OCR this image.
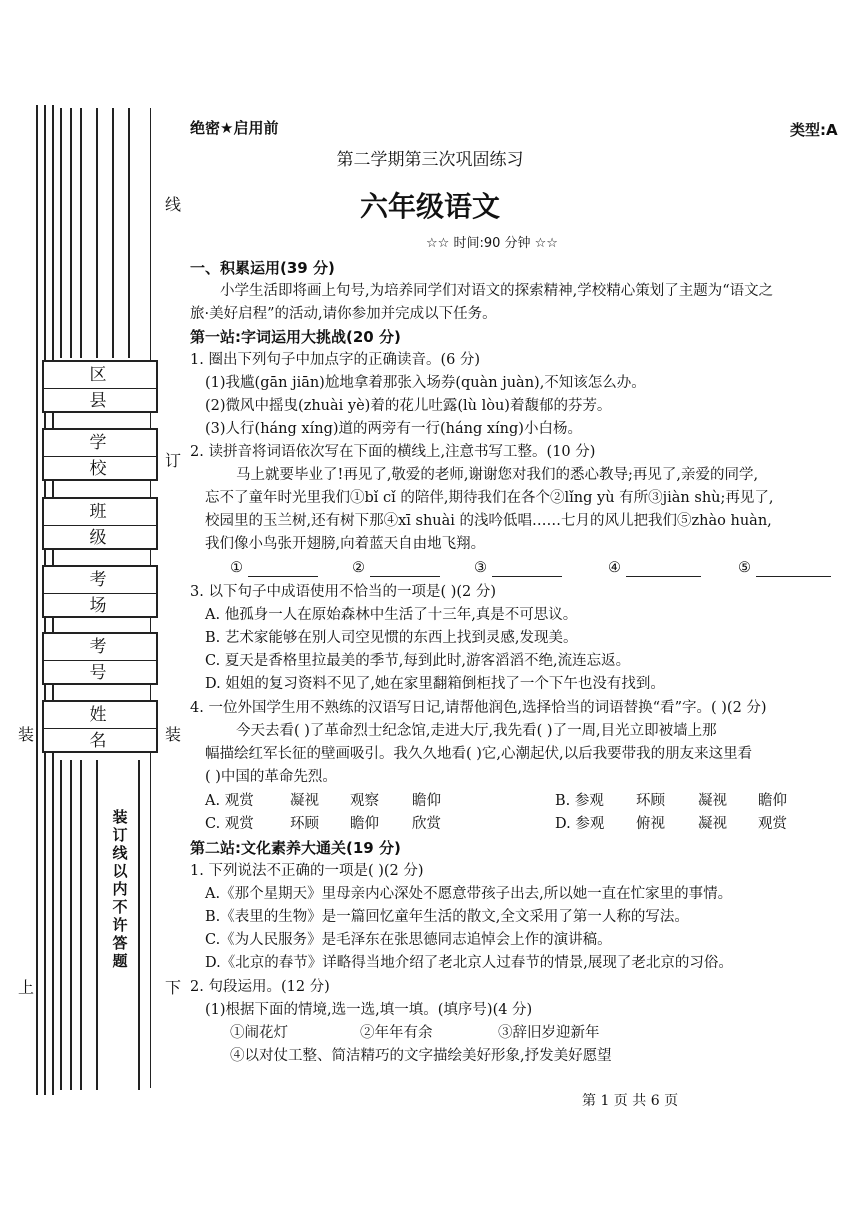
区县
学校
班级
考场
考号
姓名
线
订
装	装
下
上
装订线以内不许答题
绝密★启用前	类型:A
第二学期第三次巩固练习
六年级语文
☆☆ 时间:90 分钟 ☆☆
一、积累运用(39 分)
小学生活即将画上句号,为培养同学们对语文的探索精神,学校精心策划了主题为“语文之
旅·美好启程”的活动,请你参加并完成以下任务。
第一站:字词运用大挑战(20 分)
1. 圈出下列句子中加点字的正确读音。(6 分)
(1)我尴(gān jiān)尬地拿着那张入场券(quàn juàn),不知该怎么办。
(2)微风中摇曳(zhuài yè)着的花儿吐露(lù lòu)着馥郁的芬芳。
(3)人行(háng xíng)道的两旁有一行(háng xíng)小白杨。
2. 读拼音将词语依次写在下面的横线上,注意书写工整。(10 分)
马上就要毕业了!再见了,敬爱的老师,谢谢您对我们的悉心教导;再见了,亲爱的同学,
忘不了童年时光里我们①bǐ cǐ 的陪伴,期待我们在各个②lǐng yù 有所③jiàn shù;再见了,
校园里的玉兰树,还有树下那④xī shuài 的浅吟低唱……七月的风儿把我们⑤zhào huàn,
我们像小鸟张开翅膀,向着蓝天自由地飞翔。
①	②	③	④	⑤
3. 以下句子中成语使用不恰当的一项是( )(2 分)
A. 他孤身一人在原始森林中生活了十三年,真是不可思议。
B. 艺术家能够在别人司空见惯的东西上找到灵感,发现美。
C. 夏天是香格里拉最美的季节,每到此时,游客滔滔不绝,流连忘返。
D. 姐姐的复习资料不见了,她在家里翻箱倒柜找了一个下午也没有找到。
4. 一位外国学生用不熟练的汉语写日记,请帮他润色,选择恰当的词语替换“看”字。( )(2 分)
今天去看( )了革命烈士纪念馆,走进大厅,我先看( )了一周,目光立即被墙上那
幅描绘红军长征的壁画吸引。我久久地看( )它,心潮起伏,以后我要带我的朋友来这里看
( )中国的革命先烈。
A. 观赏	凝视 观察 瞻仰	B. 参观 环顾 凝视 瞻仰
C. 观赏 环顾 瞻仰 欣赏	D. 参观 俯视 凝视 观赏
第二站:文化素养大通关(19 分)
1. 下列说法不正确的一项是( )(2 分)
A.《那个星期天》里母亲内心深处不愿意带孩子出去,所以她一直在忙家里的事情。
B.《表里的生物》是一篇回忆童年生活的散文,全文采用了第一人称的写法。
C.《为人民服务》是毛泽东在张思德同志追悼会上作的演讲稿。
D.《北京的春节》详略得当地介绍了老北京人过春节的情景,展现了老北京的习俗。
2. 句段运用。(12 分)
(1)根据下面的情境,选一选,填一填。(填序号)(4 分)
①闹花灯	②年年有余	③辞旧岁迎新年
④以对仗工整、简洁精巧的文字描绘美好形象,抒发美好愿望
第 1 页 共 6 页
